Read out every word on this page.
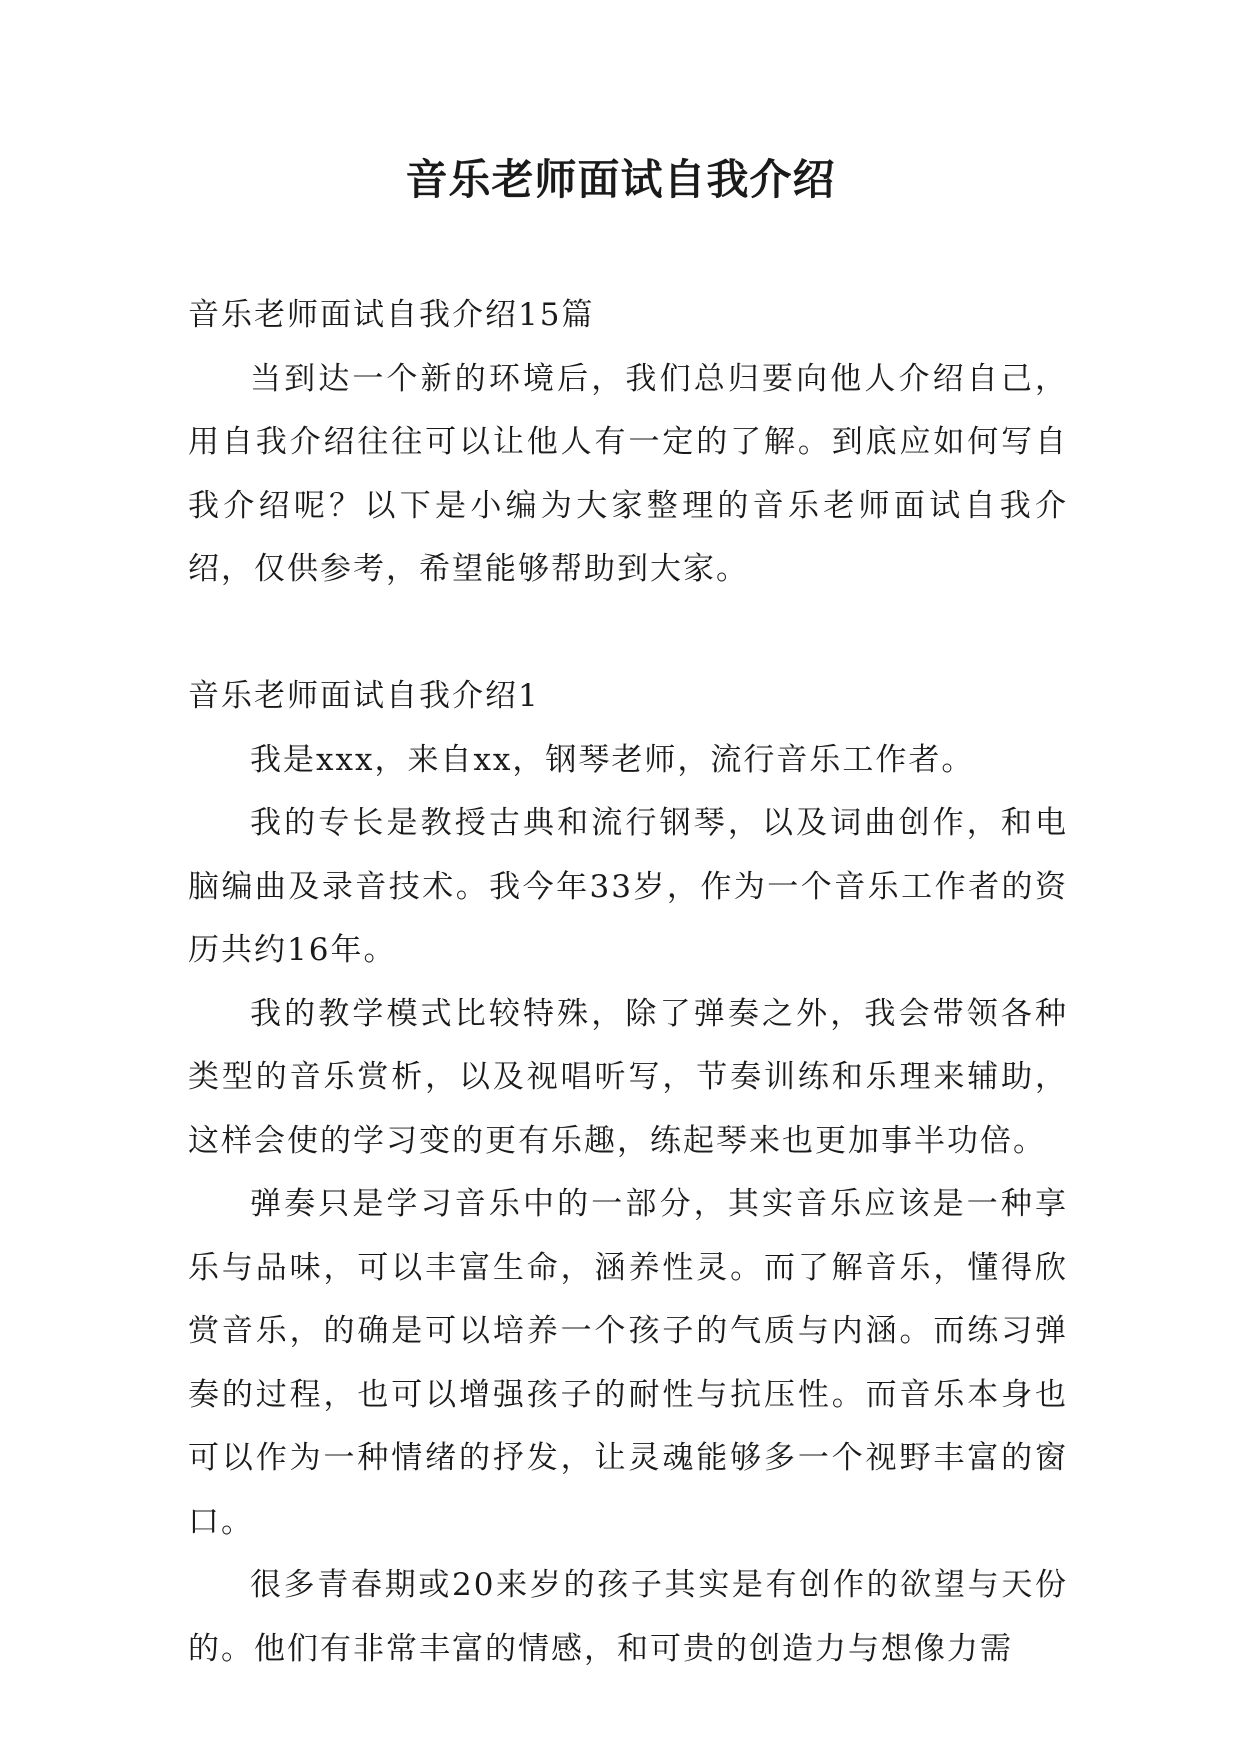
音乐老师面试自我介绍

音乐老师面试自我介绍15篇

当到达一个新的环境后，我们总归要向他人介绍自己，用自我介绍往往可以让他人有一定的了解。到底应如何写自我介绍呢？以下是小编为大家整理的音乐老师面试自我介绍，仅供参考，希望能够帮助到大家。

音乐老师面试自我介绍1

我是xxx，来自xx，钢琴老师，流行音乐工作者。

我的专长是教授古典和流行钢琴，以及词曲创作，和电脑编曲及录音技术。我今年33岁，作为一个音乐工作者的资历共约16年。

我的教学模式比较特殊，除了弹奏之外，我会带领各种类型的音乐赏析，以及视唱听写，节奏训练和乐理来辅助，这样会使的学习变的更有乐趣，练起琴来也更加事半功倍。

弹奏只是学习音乐中的一部分，其实音乐应该是一种享乐与品味，可以丰富生命，涵养性灵。而了解音乐，懂得欣赏音乐，的确是可以培养一个孩子的气质与内涵。而练习弹奏的过程，也可以增强孩子的耐性与抗压性。而音乐本身也可以作为一种情绪的抒发，让灵魂能够多一个视野丰富的窗口。

很多青春期或20来岁的孩子其实是有创作的欲望与天份的。他们有非常丰富的情感，和可贵的创造力与想像力需
